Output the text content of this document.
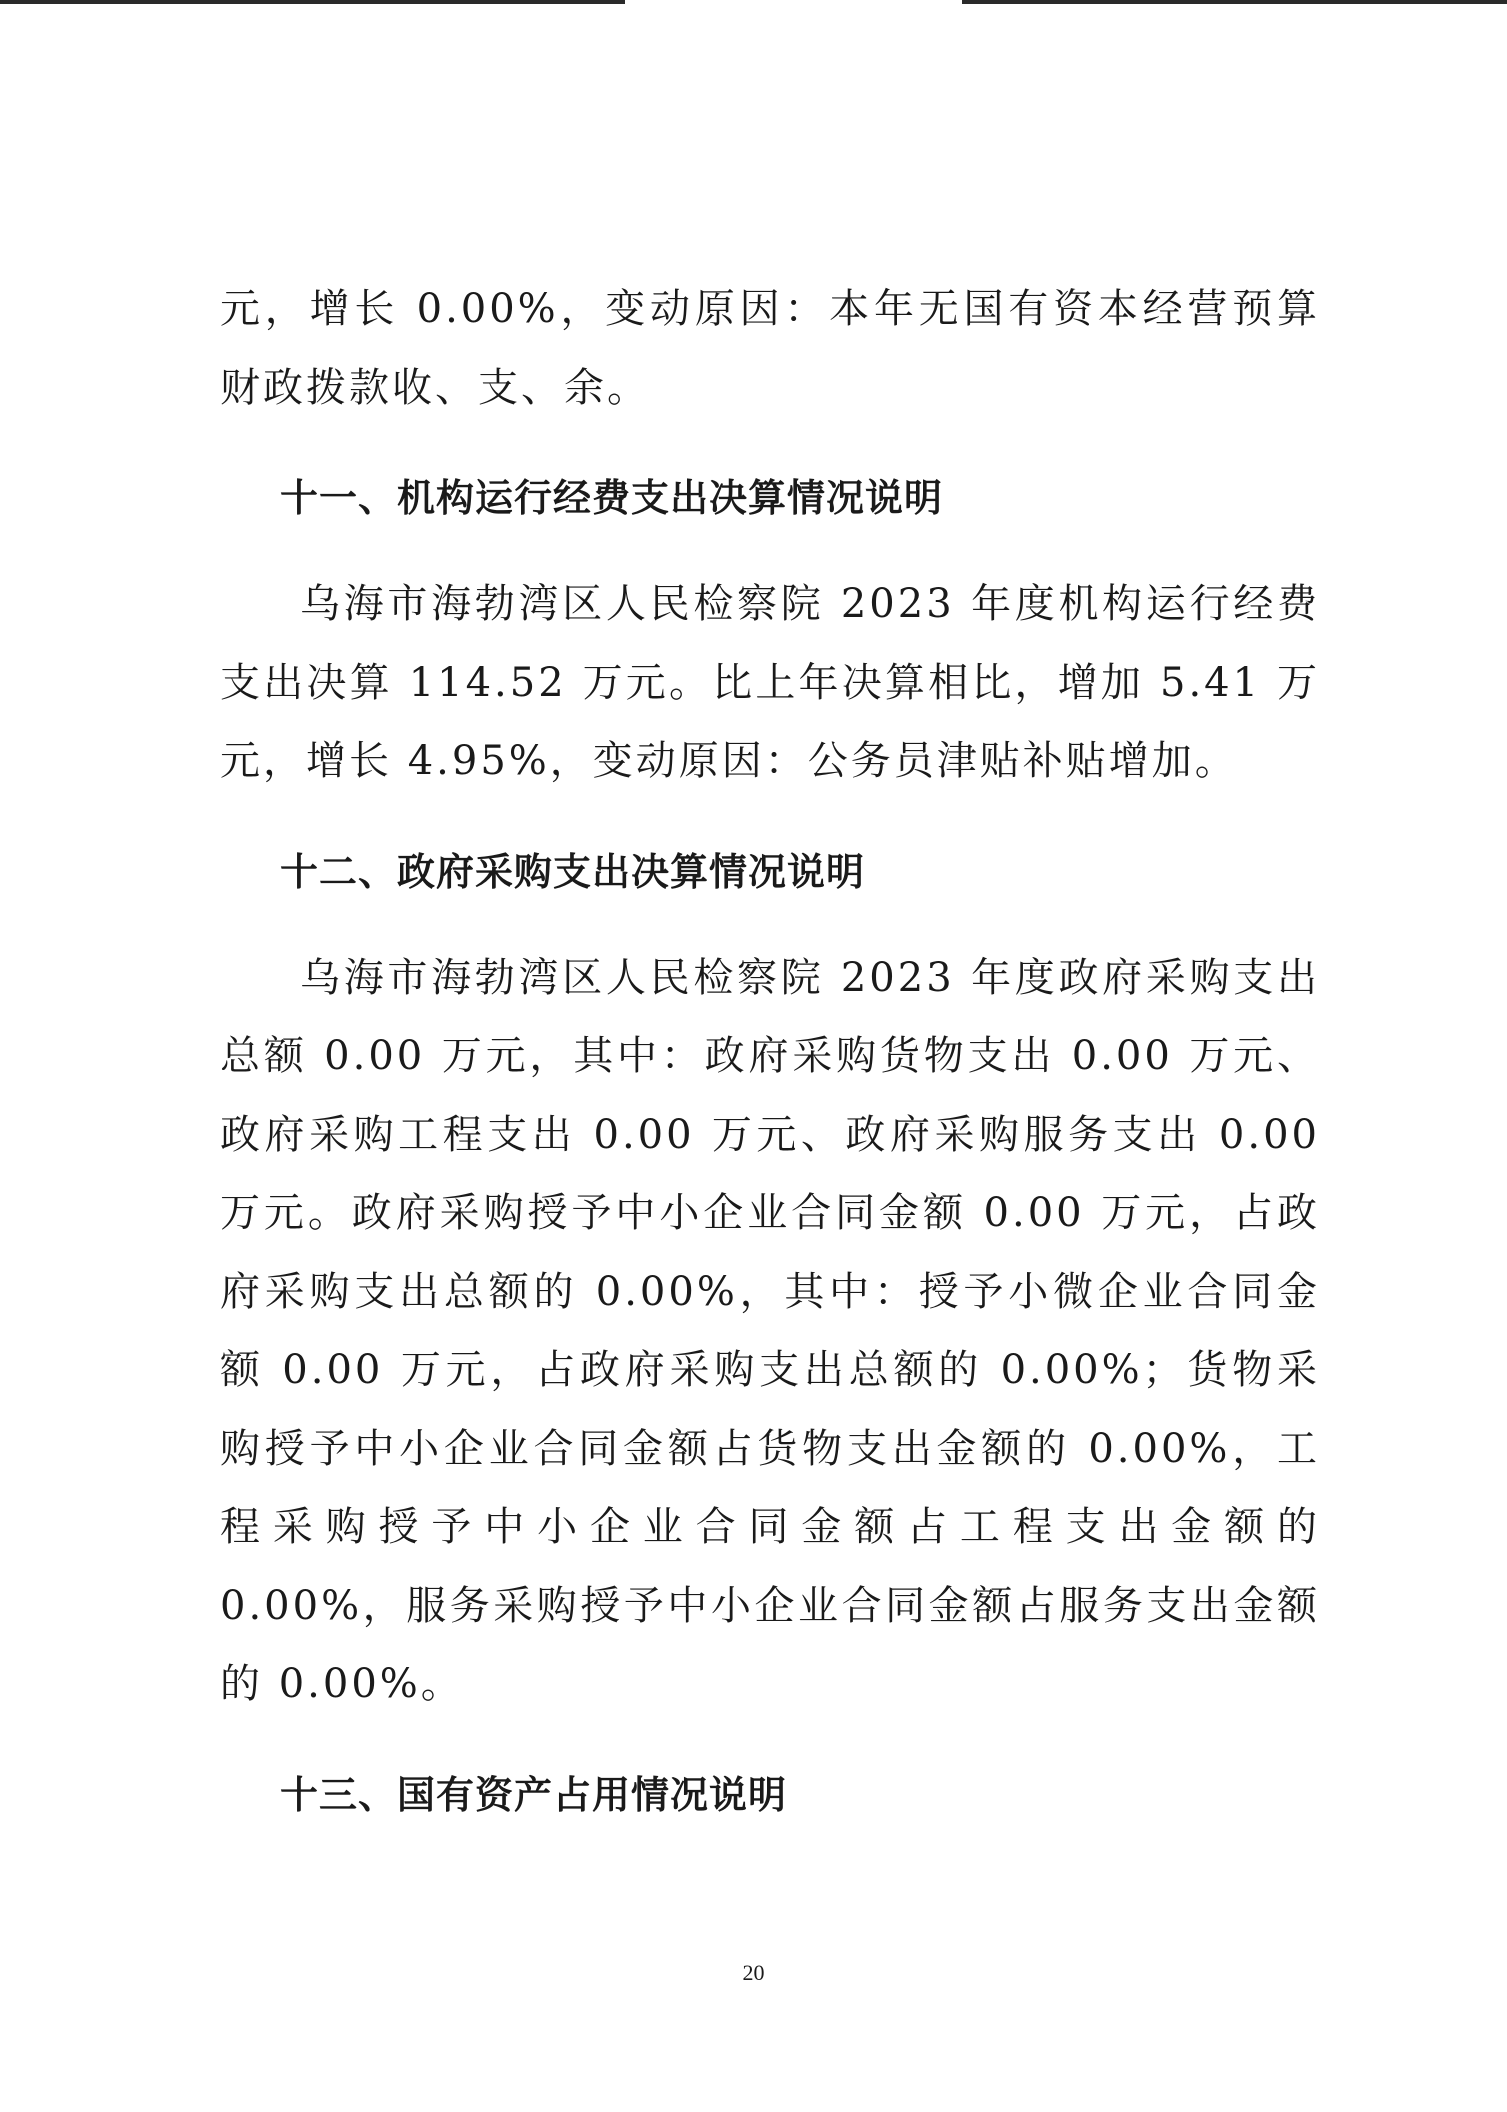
元，增长 0.00%，变动原因：本年无国有资本经营预算财政拨款收、支、余。

十一、机构运行经费支出决算情况说明

乌海市海勃湾区人民检察院 2023 年度机构运行经费支出决算 114.52 万元。比上年决算相比，增加 5.41 万元，增长 4.95%，变动原因：公务员津贴补贴增加。

十二、政府采购支出决算情况说明

乌海市海勃湾区人民检察院 2023 年度政府采购支出总额 0.00 万元，其中：政府采购货物支出 0.00 万元、政府采购工程支出 0.00 万元、政府采购服务支出 0.00 万元。政府采购授予中小企业合同金额 0.00 万元，占政府采购支出总额的 0.00%，其中：授予小微企业合同金额 0.00 万元，占政府采购支出总额的 0.00%；货物采购授予中小企业合同金额占货物支出金额的 0.00%，工程采购授予中小企业合同金额占工程支出金额的 0.00%，服务采购授予中小企业合同金额占服务支出金额的 0.00%。

十三、国有资产占用情况说明
20
